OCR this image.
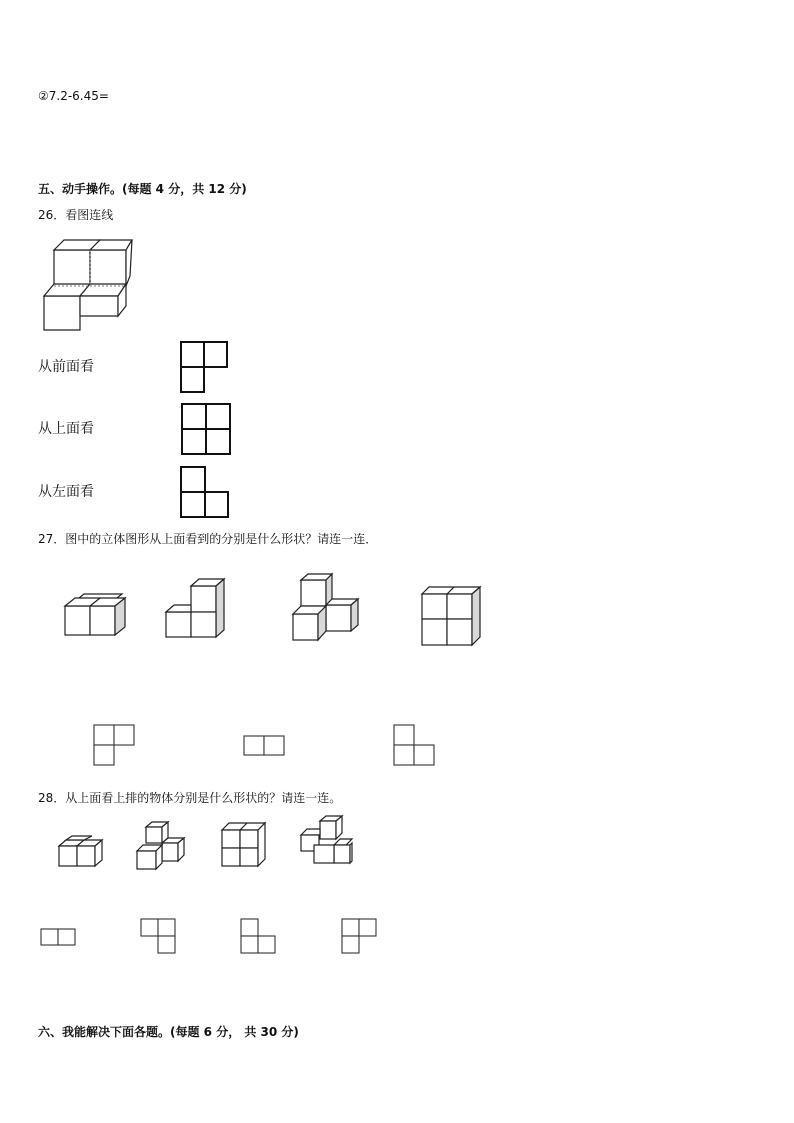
②7.2-6.45=
五、动手操作。(每题 4 分，共 12 分)
26．看图连线
从前面看
从上面看
从左面看
27．图中的立体图形从上面看到的分别是什么形状？请连一连．
28．从上面看上排的物体分别是什么形状的？请连一连。
六、我能解决下面各题。(每题 6 分， 共 30 分)
